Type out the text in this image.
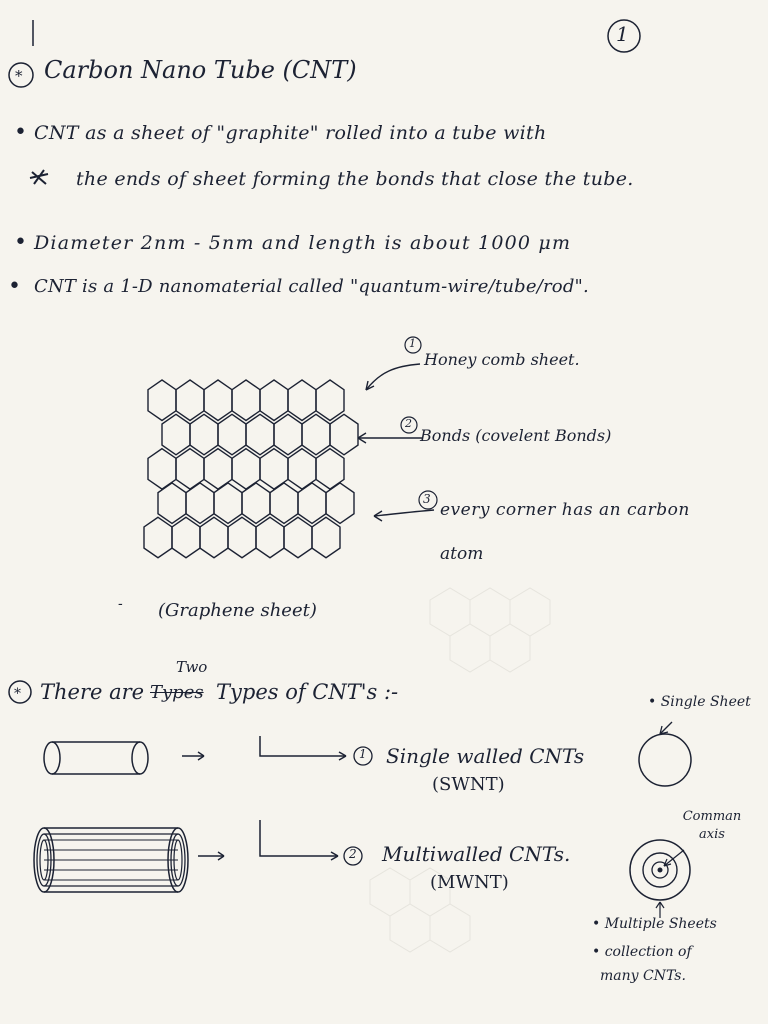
1
* Carbon Nano Tube (CNT)
• CNT as a sheet of "graphite" rolled into a tube with
the ends of sheet forming the bonds that close the tube.
• Diameter 2nm - 5nm and length is about 1000 μm
• CNT is a 1-D nanomaterial called "quantum-wire/tube/rod".
1
Honey comb sheet.
2
Bonds (covelent Bonds)
3
every corner has an carbon
atom
- (Graphene sheet)
* There are
Two
Types Types of CNT's :-
1 Single walled CNTs
(SWNT)
• Single Sheet
2 Multiwalled CNTs.
(MWNT)
Comman axis
• Multiple Sheets
• collection of
many CNTs.
